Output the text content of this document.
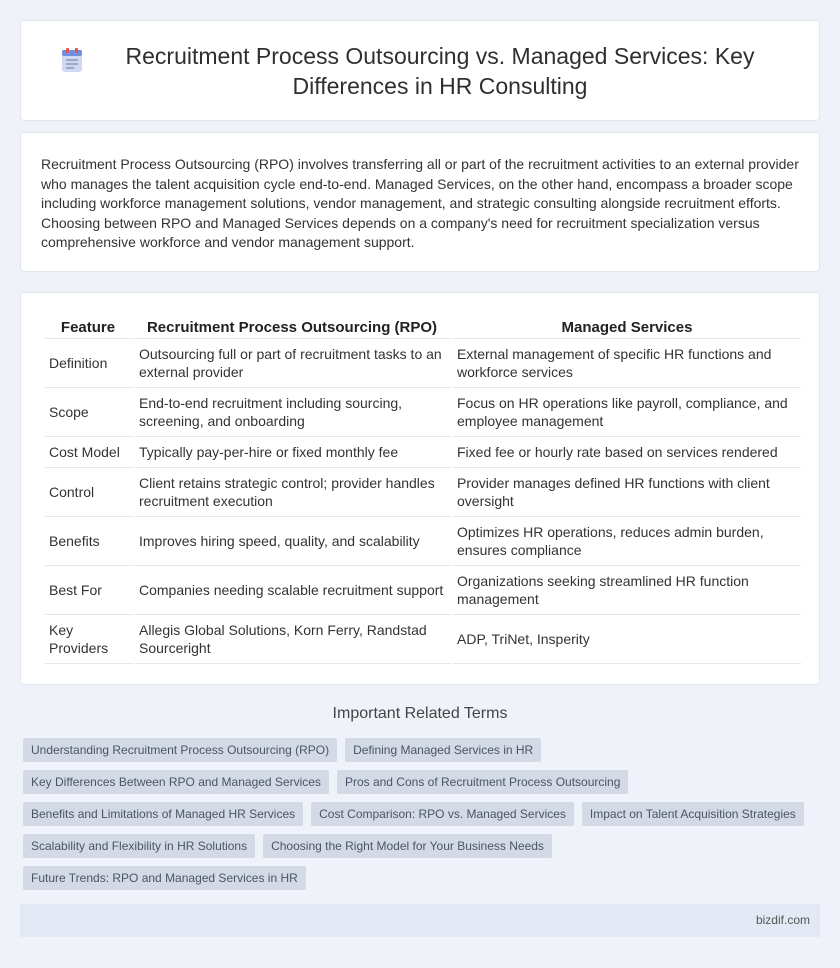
Recruitment Process Outsourcing vs. Managed Services: Key Differences in HR Consulting

Recruitment Process Outsourcing (RPO) involves transferring all or part of the recruitment activities to an external provider who manages the talent acquisition cycle end-to-end. Managed Services, on the other hand, encompass a broader scope including workforce management solutions, vendor management, and strategic consulting alongside recruitment efforts. Choosing between RPO and Managed Services depends on a company's need for recruitment specialization versus comprehensive workforce and vendor management support.

Feature	Recruitment Process Outsourcing (RPO)	Managed Services
Definition	Outsourcing full or part of recruitment tasks to an external provider	External management of specific HR functions and workforce services
Scope	End-to-end recruitment including sourcing, screening, and onboarding	Focus on HR operations like payroll, compliance, and employee management
Cost Model	Typically pay-per-hire or fixed monthly fee	Fixed fee or hourly rate based on services rendered
Control	Client retains strategic control; provider handles recruitment execution	Provider manages defined HR functions with client oversight
Benefits	Improves hiring speed, quality, and scalability	Optimizes HR operations, reduces admin burden, ensures compliance
Best For	Companies needing scalable recruitment support	Organizations seeking streamlined HR function management
Key Providers	Allegis Global Solutions, Korn Ferry, Randstad Sourceright	ADP, TriNet, Insperity
Important Related Terms
Understanding Recruitment Process Outsourcing (RPO)	Defining Managed Services in HR
Key Differences Between RPO and Managed Services	Pros and Cons of Recruitment Process Outsourcing
Benefits and Limitations of Managed HR Services	Cost Comparison: RPO vs. Managed Services	Impact on Talent Acquisition Strategies
Scalability and Flexibility in HR Solutions	Choosing the Right Model for Your Business Needs
Future Trends: RPO and Managed Services in HR
bizdif.com
